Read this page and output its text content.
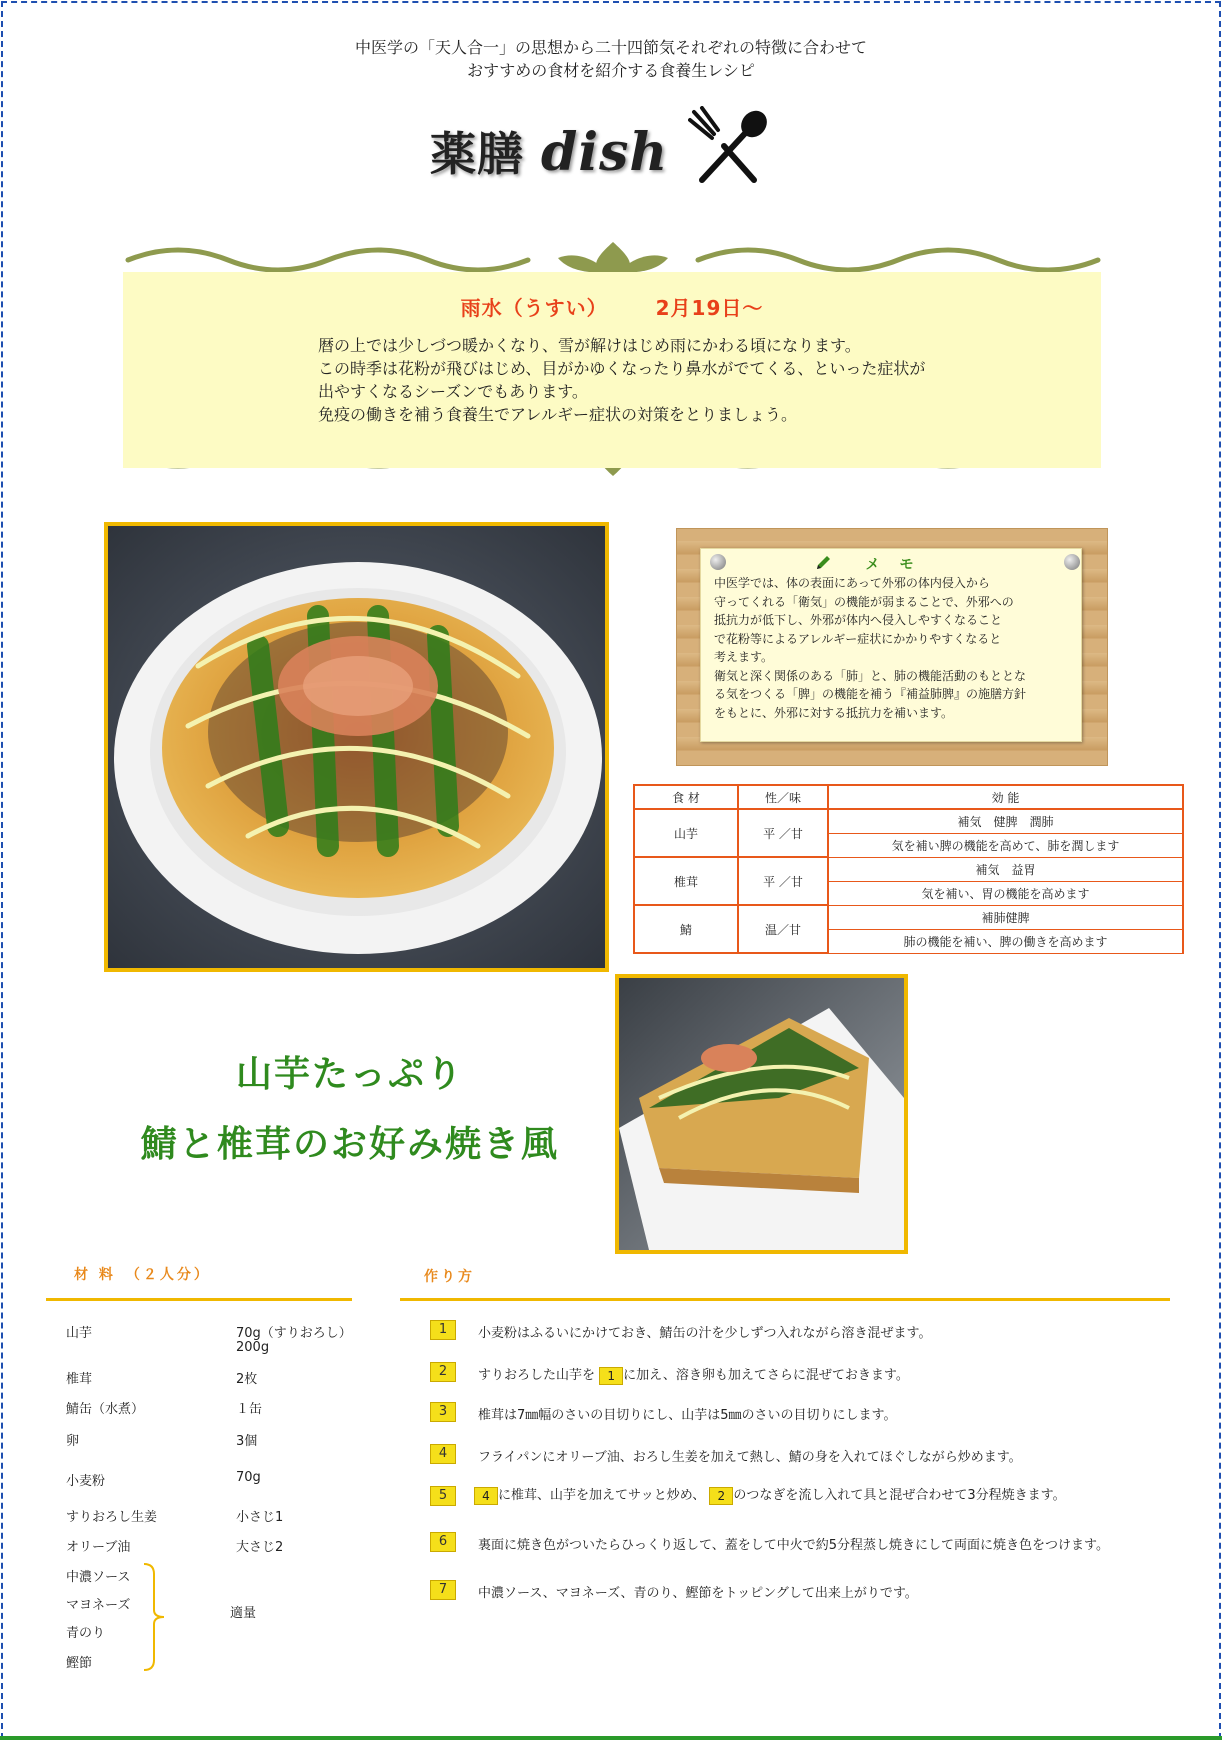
中医学の「天人合一」の思想から二十四節気それぞれの特徴に合わせて
おすすめの食材を紹介する食養生レシピ
薬膳 dish
雨水（うすい） 2月19日～
暦の上では少しづつ暖かくなり、雪が解けはじめ雨にかわる頃になります。
この時季は花粉が飛びはじめ、目がかゆくなったり鼻水がでてくる、といった症状が
出やすくなるシーズンでもあります。
免疫の働きを補う食養生でアレルギー症状の対策をとりましょう。
メ　モ
中医学では、体の表面にあって外邪の体内侵入から
守ってくれる「衛気」の機能が弱まることで、外邪への
抵抗力が低下し、外邪が体内へ侵入しやすくなること
で花粉等によるアレルギー症状にかかりやすくなると
考えます。
衛気と深く関係のある「肺」と、肺の機能活動のもととな
る気をつくる「脾」の機能を補う『補益肺脾』の施膳方針
をもとに、外邪に対する抵抗力を補います。
食 材	性／味	効 能
山芋	平 ／甘	補気　健脾　潤肺
		気を補い脾の機能を高めて、肺を潤します
椎茸	平 ／甘	補気　益胃
		気を補い、胃の機能を高めます
鯖	温／甘	補肺健脾
		肺の機能を補い、脾の働きを高めます
山芋たっぷり
鯖と椎茸のお好み焼き風
材 料　（２人分）
山芋	70g（すりおろし）
200g
椎茸	2枚
鯖缶（水煮）	１缶
卵	3個
小麦粉	70g
すりおろし生姜	小さじ1
オリーブ油	大さじ2
中濃ソース
マヨネーズ
青のり
鰹節
適量
作り方
1	小麦粉はふるいにかけておき、鯖缶の汁を少しずつ入れながら溶き混ぜます。
2	すりおろした山芋を 1 に加え、溶き卵も加えてさらに混ぜておきます。
3	椎茸は7㎜幅のさいの目切りにし、山芋は5㎜のさいの目切りにします。
4	フライパンにオリーブ油、おろし生姜を加えて熱し、鯖の身を入れてほぐしながら炒めます。
5	4 に椎茸、山芋を加えてサッと炒め、 2 のつなぎを流し入れて具と混ぜ合わせて3分程焼きます。
6	裏面に焼き色がついたらひっくり返して、蓋をして中火で約5分程蒸し焼きにして両面に焼き色をつけます。
7	中濃ソース、マヨネーズ、青のり、鰹節をトッピングして出来上がりです。
